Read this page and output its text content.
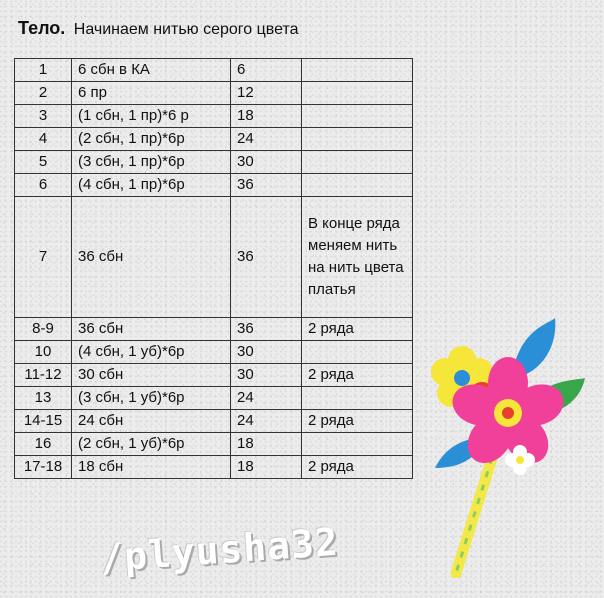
Тело. Начинаем нитью серого цвета
1	6 сбн в КА	6	
2	6 пр	12	
3	(1 сбн, 1 пр)*6 р	18	
4	(2 сбн, 1 пр)*6р	24	
5	(3 сбн, 1 пр)*6р	30	
6	(4 сбн, 1 пр)*6р	36	
7	36 сбн	36	В конце ряда меняем нить на нить цвета платья
8-9	36 сбн	36	2 ряда
10	(4 сбн, 1 уб)*6р	30	
11-12	30 сбн	30	2 ряда
13	(3 сбн, 1 уб)*6р	24	
14-15	24 сбн	24	2 ряда
16	(2 сбн, 1 уб)*6р	18	
17-18	18 сбн	18	2 ряда
/plyusha32
